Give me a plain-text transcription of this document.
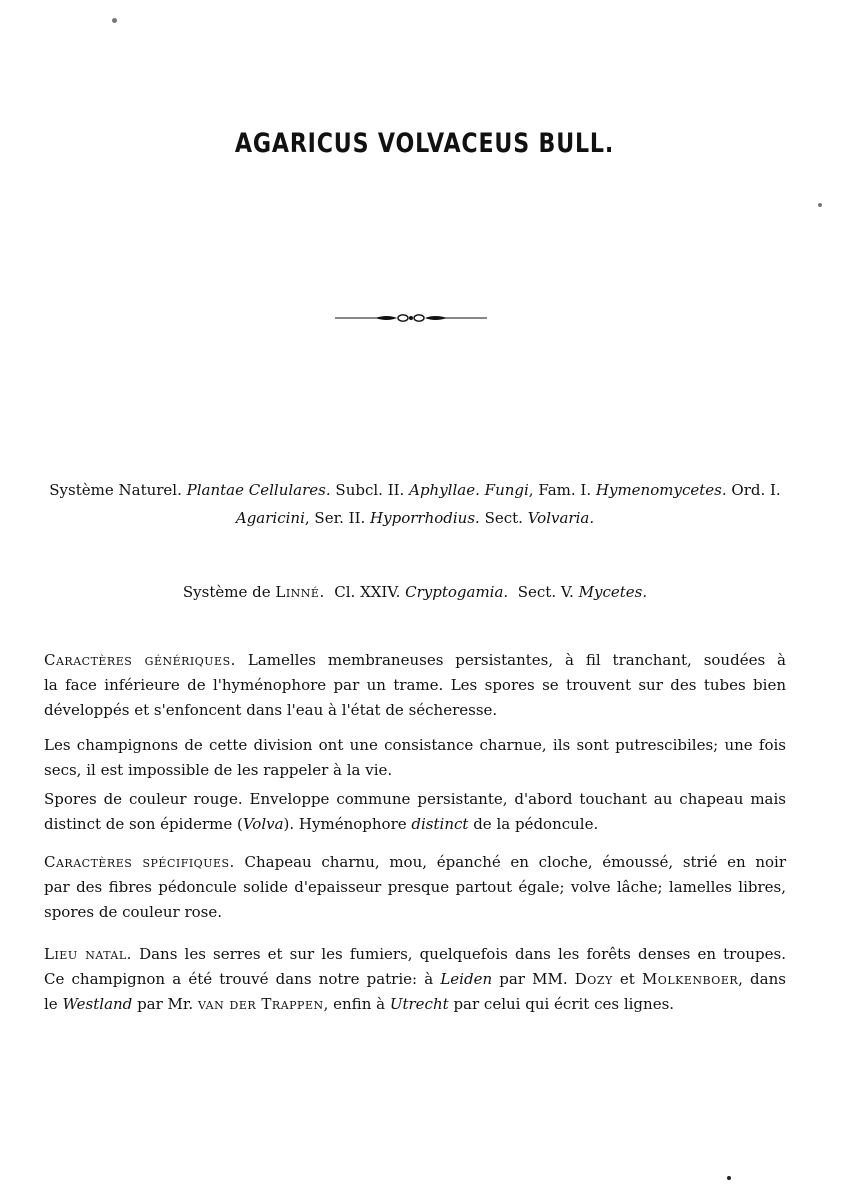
AGARICUS VOLVACEUS BULL.
Système Naturel. Plantae Cellulares. Subcl. II. Aphyllae. Fungi, Fam. I. Hymenomycetes. Ord. I.
Agaricini, Ser. II. Hyporrhodius. Sect. Volvaria.
Système de Linné. Cl. XXIV. Cryptogamia. Sect. V. Mycetes.
Caractères génériques. Lamelles membraneuses persistantes, à fil tranchant, soudées à
la face inférieure de l'hyménophore par un trame. Les spores se trouvent sur des tubes bien
développés et s'enfoncent dans l'eau à l'état de sécheresse.
Les champignons de cette division ont une consistance charnue, ils sont putrescibiles; une fois
secs, il est impossible de les rappeler à la vie.
Spores de couleur rouge. Enveloppe commune persistante, d'abord touchant au chapeau mais
distinct de son épiderme (Volva). Hyménophore distinct de la pédoncule.
Caractères spécifiques. Chapeau charnu, mou, épanché en cloche, émoussé, strié en noir
par des fibres pédoncule solide d'epaisseur presque partout égale; volve lâche; lamelles libres,
spores de couleur rose.
Lieu natal. Dans les serres et sur les fumiers, quelquefois dans les forêts denses en troupes.
Ce champignon a été trouvé dans notre patrie: à Leiden par MM. Dozy et Molkenboer, dans
le Westland par Mr. van der Trappen, enfin à Utrecht par celui qui écrit ces lignes.
